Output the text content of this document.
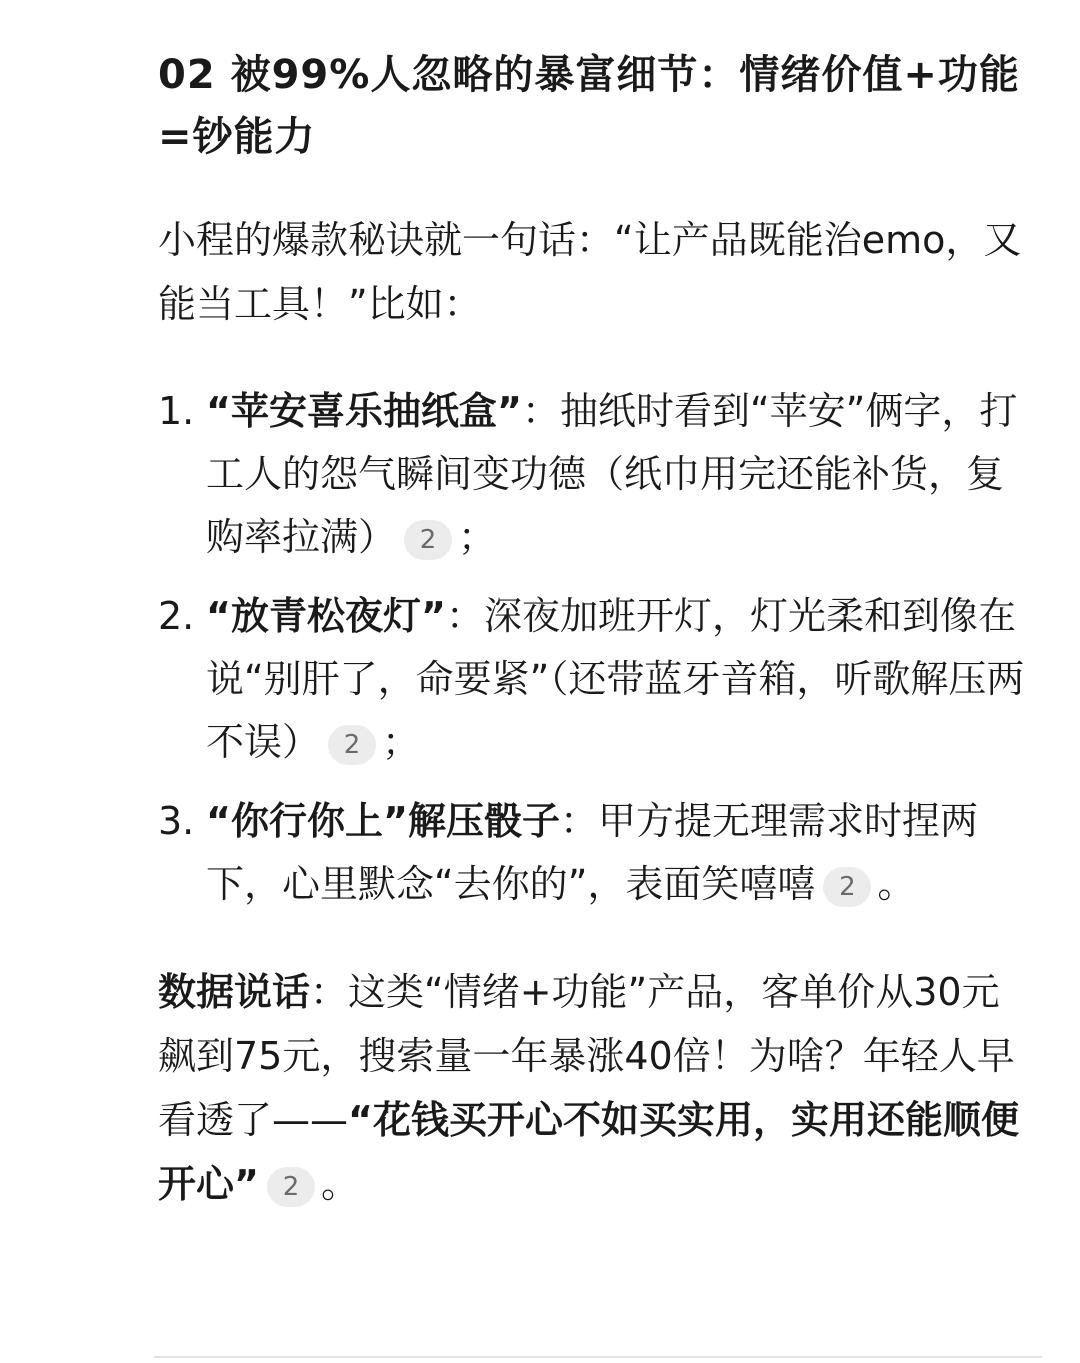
02 被99%人忽略的暴富细节：情绪价值+功能=钞能力

小程的爆款秘诀就一句话：“让产品既能治emo，又能当工具！”比如：

1. “苹安喜乐抽纸盒”：抽纸时看到“苹安”俩字，打工人的怨气瞬间变功德（纸巾用完还能补货，复购率拉满） 2 ；
2. “放青松夜灯”：深夜加班开灯，灯光柔和到像在说“别肝了，命要紧”（还带蓝牙音箱，听歌解压两不误） 2 ；
3. “你行你上”解压骰子：甲方提无理需求时捏两下，心里默念“去你的”，表面笑嘻嘻 2 。

数据说话：这类“情绪+功能”产品，客单价从30元飙到75元，搜索量一年暴涨40倍！为啥？年轻人早看透了——“花钱买开心不如买实用，实用还能顺便开心” 2 。
